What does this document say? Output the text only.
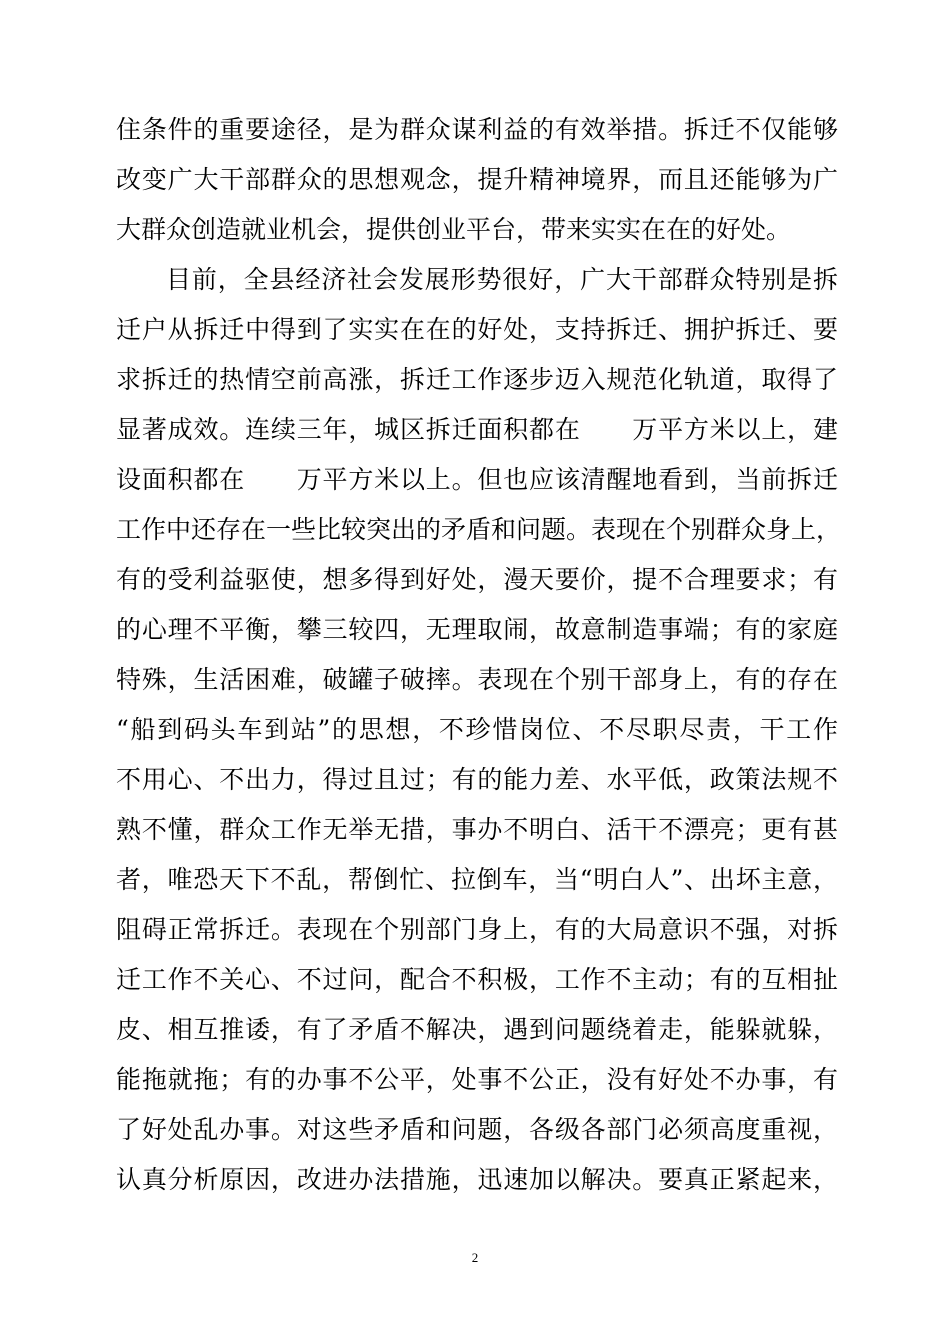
住条件的重要途径，是为群众谋利益的有效举措。拆迁不仅能够
改变广大干部群众的思想观念，提升精神境界，而且还能够为广
大群众创造就业机会，提供创业平台，带来实实在在的好处。
目前，全县经济社会发展形势很好，广大干部群众特别是拆
迁户从拆迁中得到了实实在在的好处，支持拆迁、拥护拆迁、要
求拆迁的热情空前高涨，拆迁工作逐步迈入规范化轨道，取得了
显著成效。连续三年，城区拆迁面积都在　　万平方米以上，建
设面积都在　　万平方米以上。但也应该清醒地看到，当前拆迁
工作中还存在一些比较突出的矛盾和问题。表现在个别群众身上，
有的受利益驱使，想多得到好处，漫天要价，提不合理要求；有
的心理不平衡，攀三较四，无理取闹，故意制造事端；有的家庭
特殊，生活困难，破罐子破摔。表现在个别干部身上，有的存在
“船到码头车到站”的思想，不珍惜岗位、不尽职尽责，干工作
不用心、不出力，得过且过；有的能力差、水平低，政策法规不
熟不懂，群众工作无举无措，事办不明白、活干不漂亮；更有甚
者，唯恐天下不乱，帮倒忙、拉倒车，当“明白人”、出坏主意，
阻碍正常拆迁。表现在个别部门身上，有的大局意识不强，对拆
迁工作不关心、不过问，配合不积极，工作不主动；有的互相扯
皮、相互推诿，有了矛盾不解决，遇到问题绕着走，能躲就躲，
能拖就拖；有的办事不公平，处事不公正，没有好处不办事，有
了好处乱办事。对这些矛盾和问题，各级各部门必须高度重视，
认真分析原因，改进办法措施，迅速加以解决。要真正紧起来，
2
